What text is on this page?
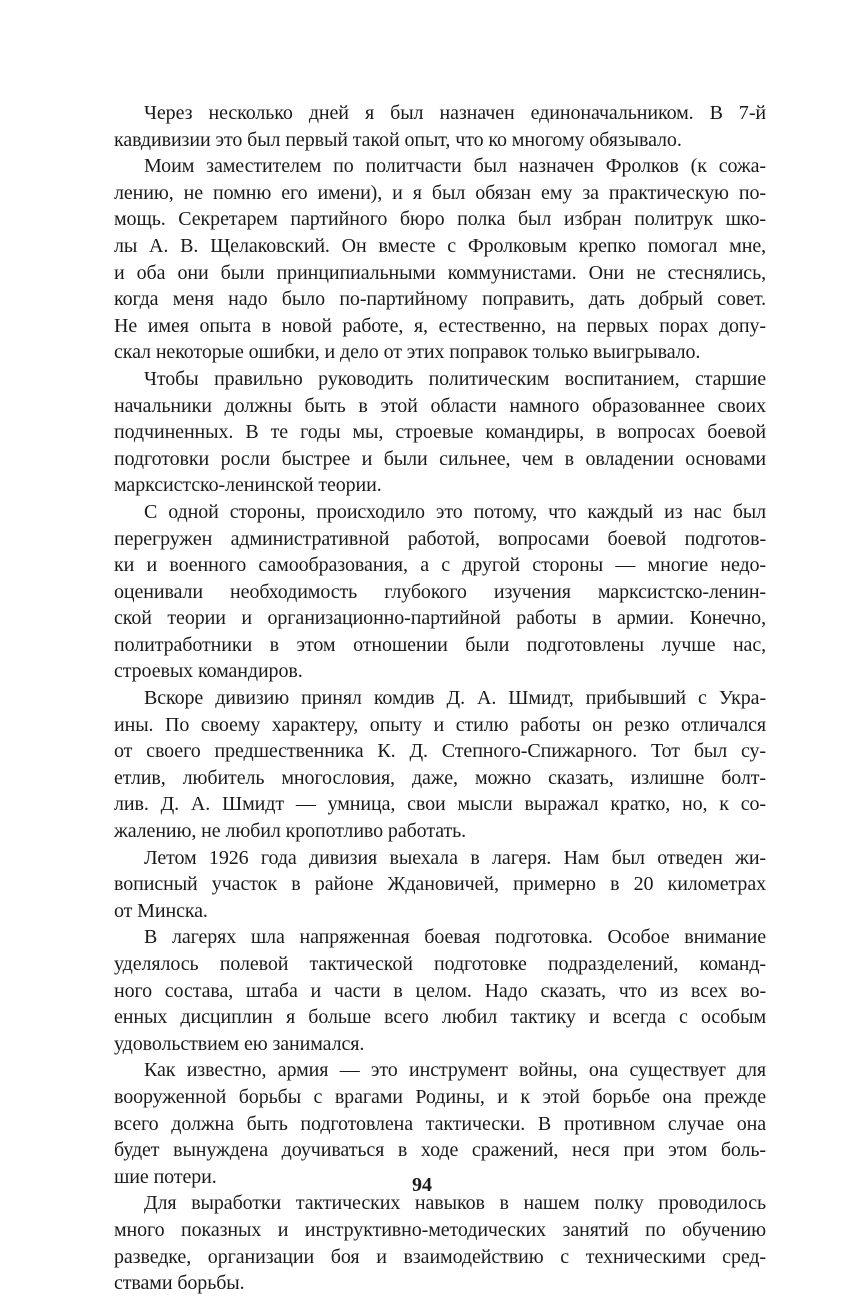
Через несколько дней я был назначен единоначальником. В 7-й
кавдивизии это был первый такой опыт, что ко многому обязывало.
Моим заместителем по политчасти был назначен Фролков (к сожа-
лению, не помню его имени), и я был обязан ему за практическую по-
мощь. Секретарем партийного бюро полка был избран политрук шко-
лы А. В. Щелаковский. Он вместе с Фролковым крепко помогал мне,
и оба они были принципиальными коммунистами. Они не стеснялись,
когда меня надо было по-партийному поправить, дать добрый совет.
Не имея опыта в новой работе, я, естественно, на первых порах допу-
скал некоторые ошибки, и дело от этих поправок только выигрывало.
Чтобы правильно руководить политическим воспитанием, старшие
начальники должны быть в этой области намного образованнее своих
подчиненных. В те годы мы, строевые командиры, в вопросах боевой
подготовки росли быстрее и были сильнее, чем в овладении основами
марксистско-ленинской теории.
С одной стороны, происходило это потому, что каждый из нас был
перегружен административной работой, вопросами боевой подготов-
ки и военного самообразования, а с другой стороны — многие недо-
оценивали необходимость глубокого изучения марксистско-ленин-
ской теории и организационно-партийной работы в армии. Конечно,
политработники в этом отношении были подготовлены лучше нас,
строевых командиров.
Вскоре дивизию принял комдив Д. А. Шмидт, прибывший с Укра-
ины. По своему характеру, опыту и стилю работы он резко отличался
от своего предшественника К. Д. Степного-Спижарного. Тот был су-
етлив, любитель многословия, даже, можно сказать, излишне болт-
лив. Д. А. Шмидт — умница, свои мысли выражал кратко, но, к со-
жалению, не любил кропотливо работать.
Летом 1926 года дивизия выехала в лагеря. Нам был отведен жи-
вописный участок в районе Ждановичей, примерно в 20 километрах
от Минска.
В лагерях шла напряженная боевая подготовка. Особое внимание
уделялось полевой тактической подготовке подразделений, команд-
ного состава, штаба и части в целом. Надо сказать, что из всех во-
енных дисциплин я больше всего любил тактику и всегда с особым
удовольствием ею занимался.
Как известно, армия — это инструмент войны, она существует для
вооруженной борьбы с врагами Родины, и к этой борьбе она прежде
всего должна быть подготовлена тактически. В противном случае она
будет вынуждена доучиваться в ходе сражений, неся при этом боль-
шие потери.
Для выработки тактических навыков в нашем полку проводилось
много показных и инструктивно-методических занятий по обучению
разведке, организации боя и взаимодействию с техническими сред-
ствами борьбы.
94
